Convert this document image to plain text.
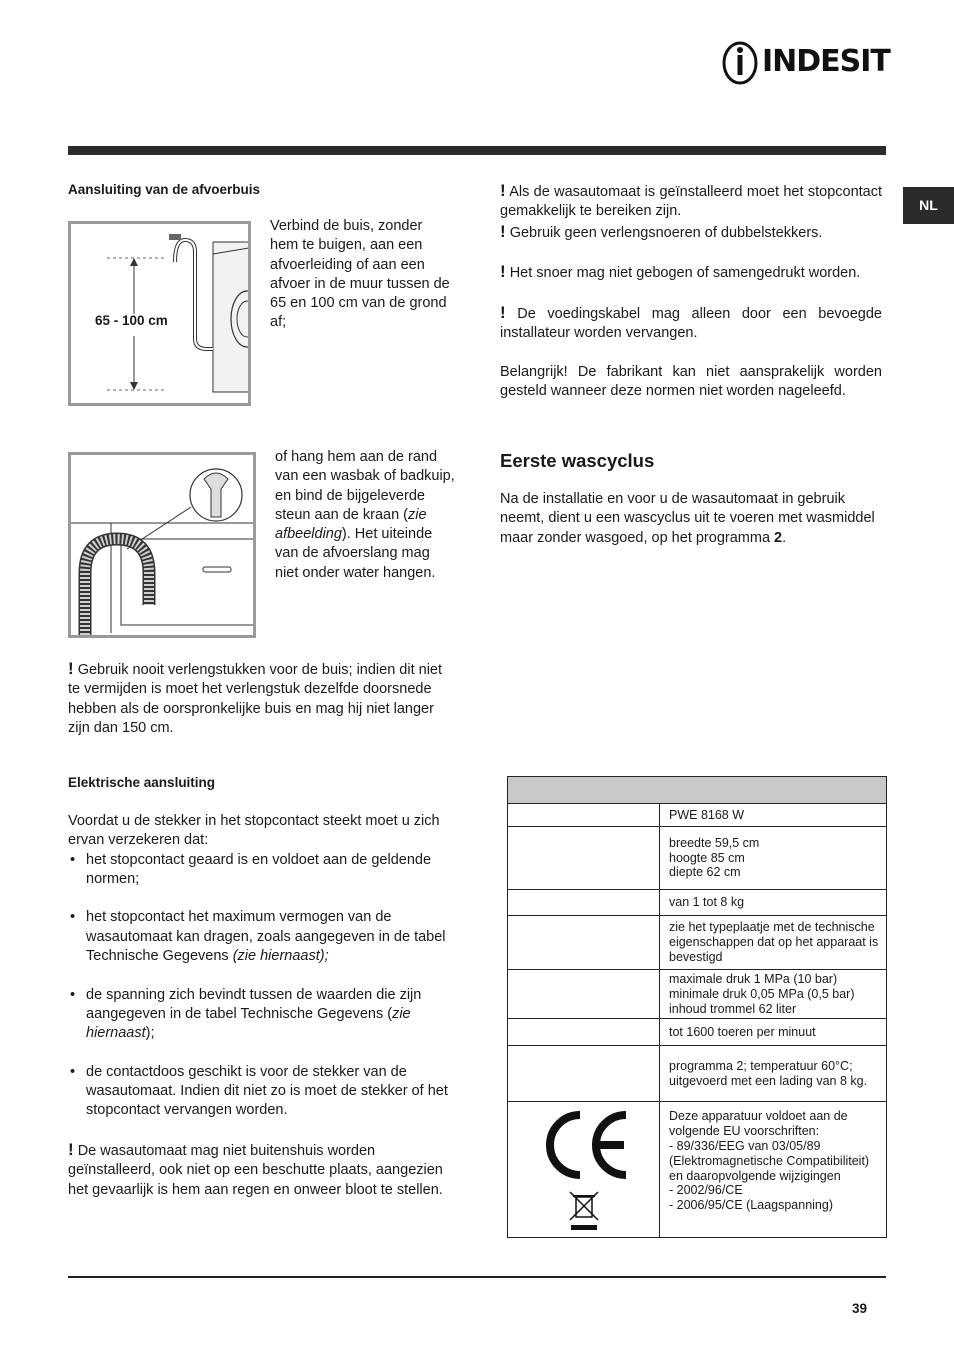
INDESIT
NL
Aansluiting van de afvoerbuis
65 - 100 cm
Verbind de buis, zonder hem te buigen, aan een afvoerleiding of aan een afvoer in de muur tussen de 65 en 100 cm van de grond af;
of hang hem aan de rand van een wasbak of badkuip, en bind de bijgeleverde steun aan de kraan (zie afbeelding). Het uiteinde van de afvoerslang mag niet onder water hangen.
! Gebruik nooit verlengstukken voor de buis; indien dit niet te vermijden is moet het verlengstuk dezelfde doorsnede hebben als de oorspronkelijke buis en mag hij niet langer zijn dan 150 cm.
Elektrische aansluiting
Voordat u de stekker in het stopcontact steekt moet u zich ervan verzekeren dat:
• het stopcontact geaard is en voldoet aan de geldende normen;
• het stopcontact het maximum vermogen van de wasautomaat kan dragen, zoals aangegeven in de tabel Technische Gegevens (zie hiernaast);
• de spanning zich bevindt tussen de waarden die zijn aangegeven in de tabel Technische Gegevens (zie hiernaast);
• de contactdoos geschikt is voor de stekker van de wasautomaat. Indien dit niet zo is moet de stekker of het stopcontact vervangen worden.
! De wasautomaat mag niet buitenshuis worden geïnstalleerd, ook niet op een beschutte plaats, aangezien het gevaarlijk is hem aan regen en onweer bloot te stellen.
! Als de wasautomaat is geïnstalleerd moet het stopcontact gemakkelijk te bereiken zijn.
! Gebruik geen verlengsnoeren of dubbelstekkers.
! Het snoer mag niet gebogen of samengedrukt worden.
! De voedingskabel mag alleen door een bevoegde installateur worden vervangen.
Belangrijk! De fabrikant kan niet aansprakelijk worden gesteld wanneer deze normen niet worden nageleefd.
Eerste wascyclus
Na de installatie en voor u de wasautomaat in gebruik neemt, dient u een wascyclus uit te voeren met wasmiddel maar zonder wasgoed, op het programma 2.

	PWE 8168 W

	breedte 59,5 cm
hoogte 85 cm
diepte 62 cm

	van 1 tot 8 kg
	zie het typeplaatje met de technische eigenschappen dat op het apparaat is bevestigd

	maximale druk 1 MPa (10 bar)
minimale druk 0,05 MPa (0,5 bar)
inhoud trommel 62 liter

	tot 1600 toeren per minuut

	programma 2; temperatuur 60°C;
uitgevoerd met een lading van 8 kg.

Deze apparatuur voldoet aan de volgende EU voorschriften:
- 89/336/EEG van 03/05/89 (Elektromagnetische Compatibiliteit) en daaropvolgende wijzigingen
- 2002/96/CE
- 2006/95/CE (Laagspanning)
39
